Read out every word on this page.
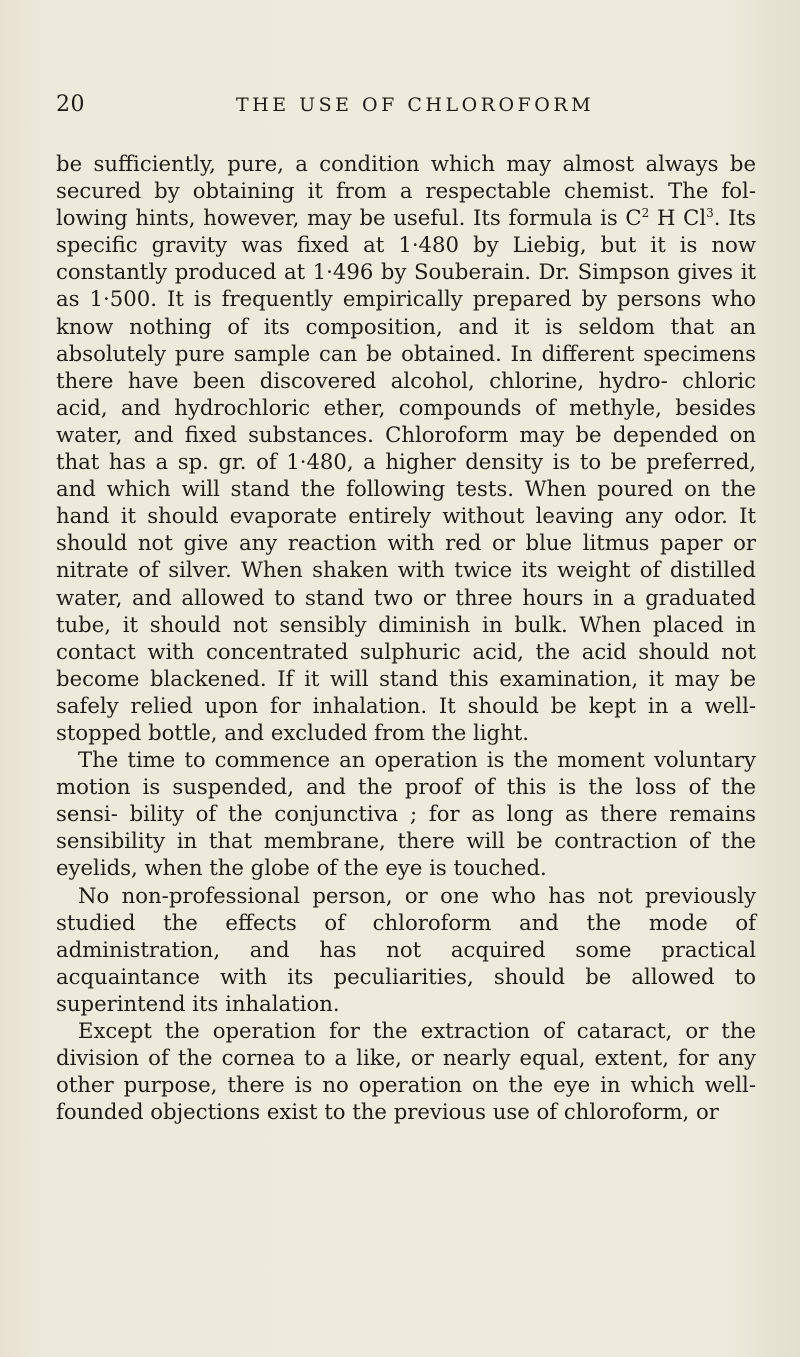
20	THE USE OF CHLOROFORM

be sufficiently, pure, a condition which may almost always be secured by obtaining it from a respectable chemist. The fol- lowing hints, however, may be useful. Its formula is $C^2$ H Cl$^3$. Its specific gravity was fixed at 1·480 by Liebig, but it is now constantly produced at 1·496 by Souberain. Dr. Simpson gives it as 1·500. It is frequently empirically prepared by persons who know nothing of its composition, and it is seldom that an absolutely pure sample can be obtained. In different specimens there have been discovered alcohol, chlorine, hydro- chloric acid, and hydrochloric ether, compounds of methyle, besides water, and fixed substances. Chloroform may be depended on that has a sp. gr. of 1·480, a higher density is to be preferred, and which will stand the following tests. When poured on the hand it should evaporate entirely without leaving any odor. It should not give any reaction with red or blue litmus paper or nitrate of silver. When shaken with twice its weight of distilled water, and allowed to stand two or three hours in a graduated tube, it should not sensibly diminish in bulk. When placed in contact with concentrated sulphuric acid, the acid should not become blackened. If it will stand this examination, it may be safely relied upon for inhalation. It should be kept in a well-stopped bottle, and excluded from the light.

The time to commence an operation is the moment voluntary motion is suspended, and the proof of this is the loss of the sensi- bility of the conjunctiva ; for as long as there remains sensibility in that membrane, there will be contraction of the eyelids, when the globe of the eye is touched.

No non-professional person, or one who has not previously studied the effects of chloroform and the mode of administration, and has not acquired some practical acquaintance with its peculiarities, should be allowed to superintend its inhalation.

Except the operation for the extraction of cataract, or the division of the cornea to a like, or nearly equal, extent, for any other purpose, there is no operation on the eye in which well- founded objections exist to the previous use of chloroform, or
